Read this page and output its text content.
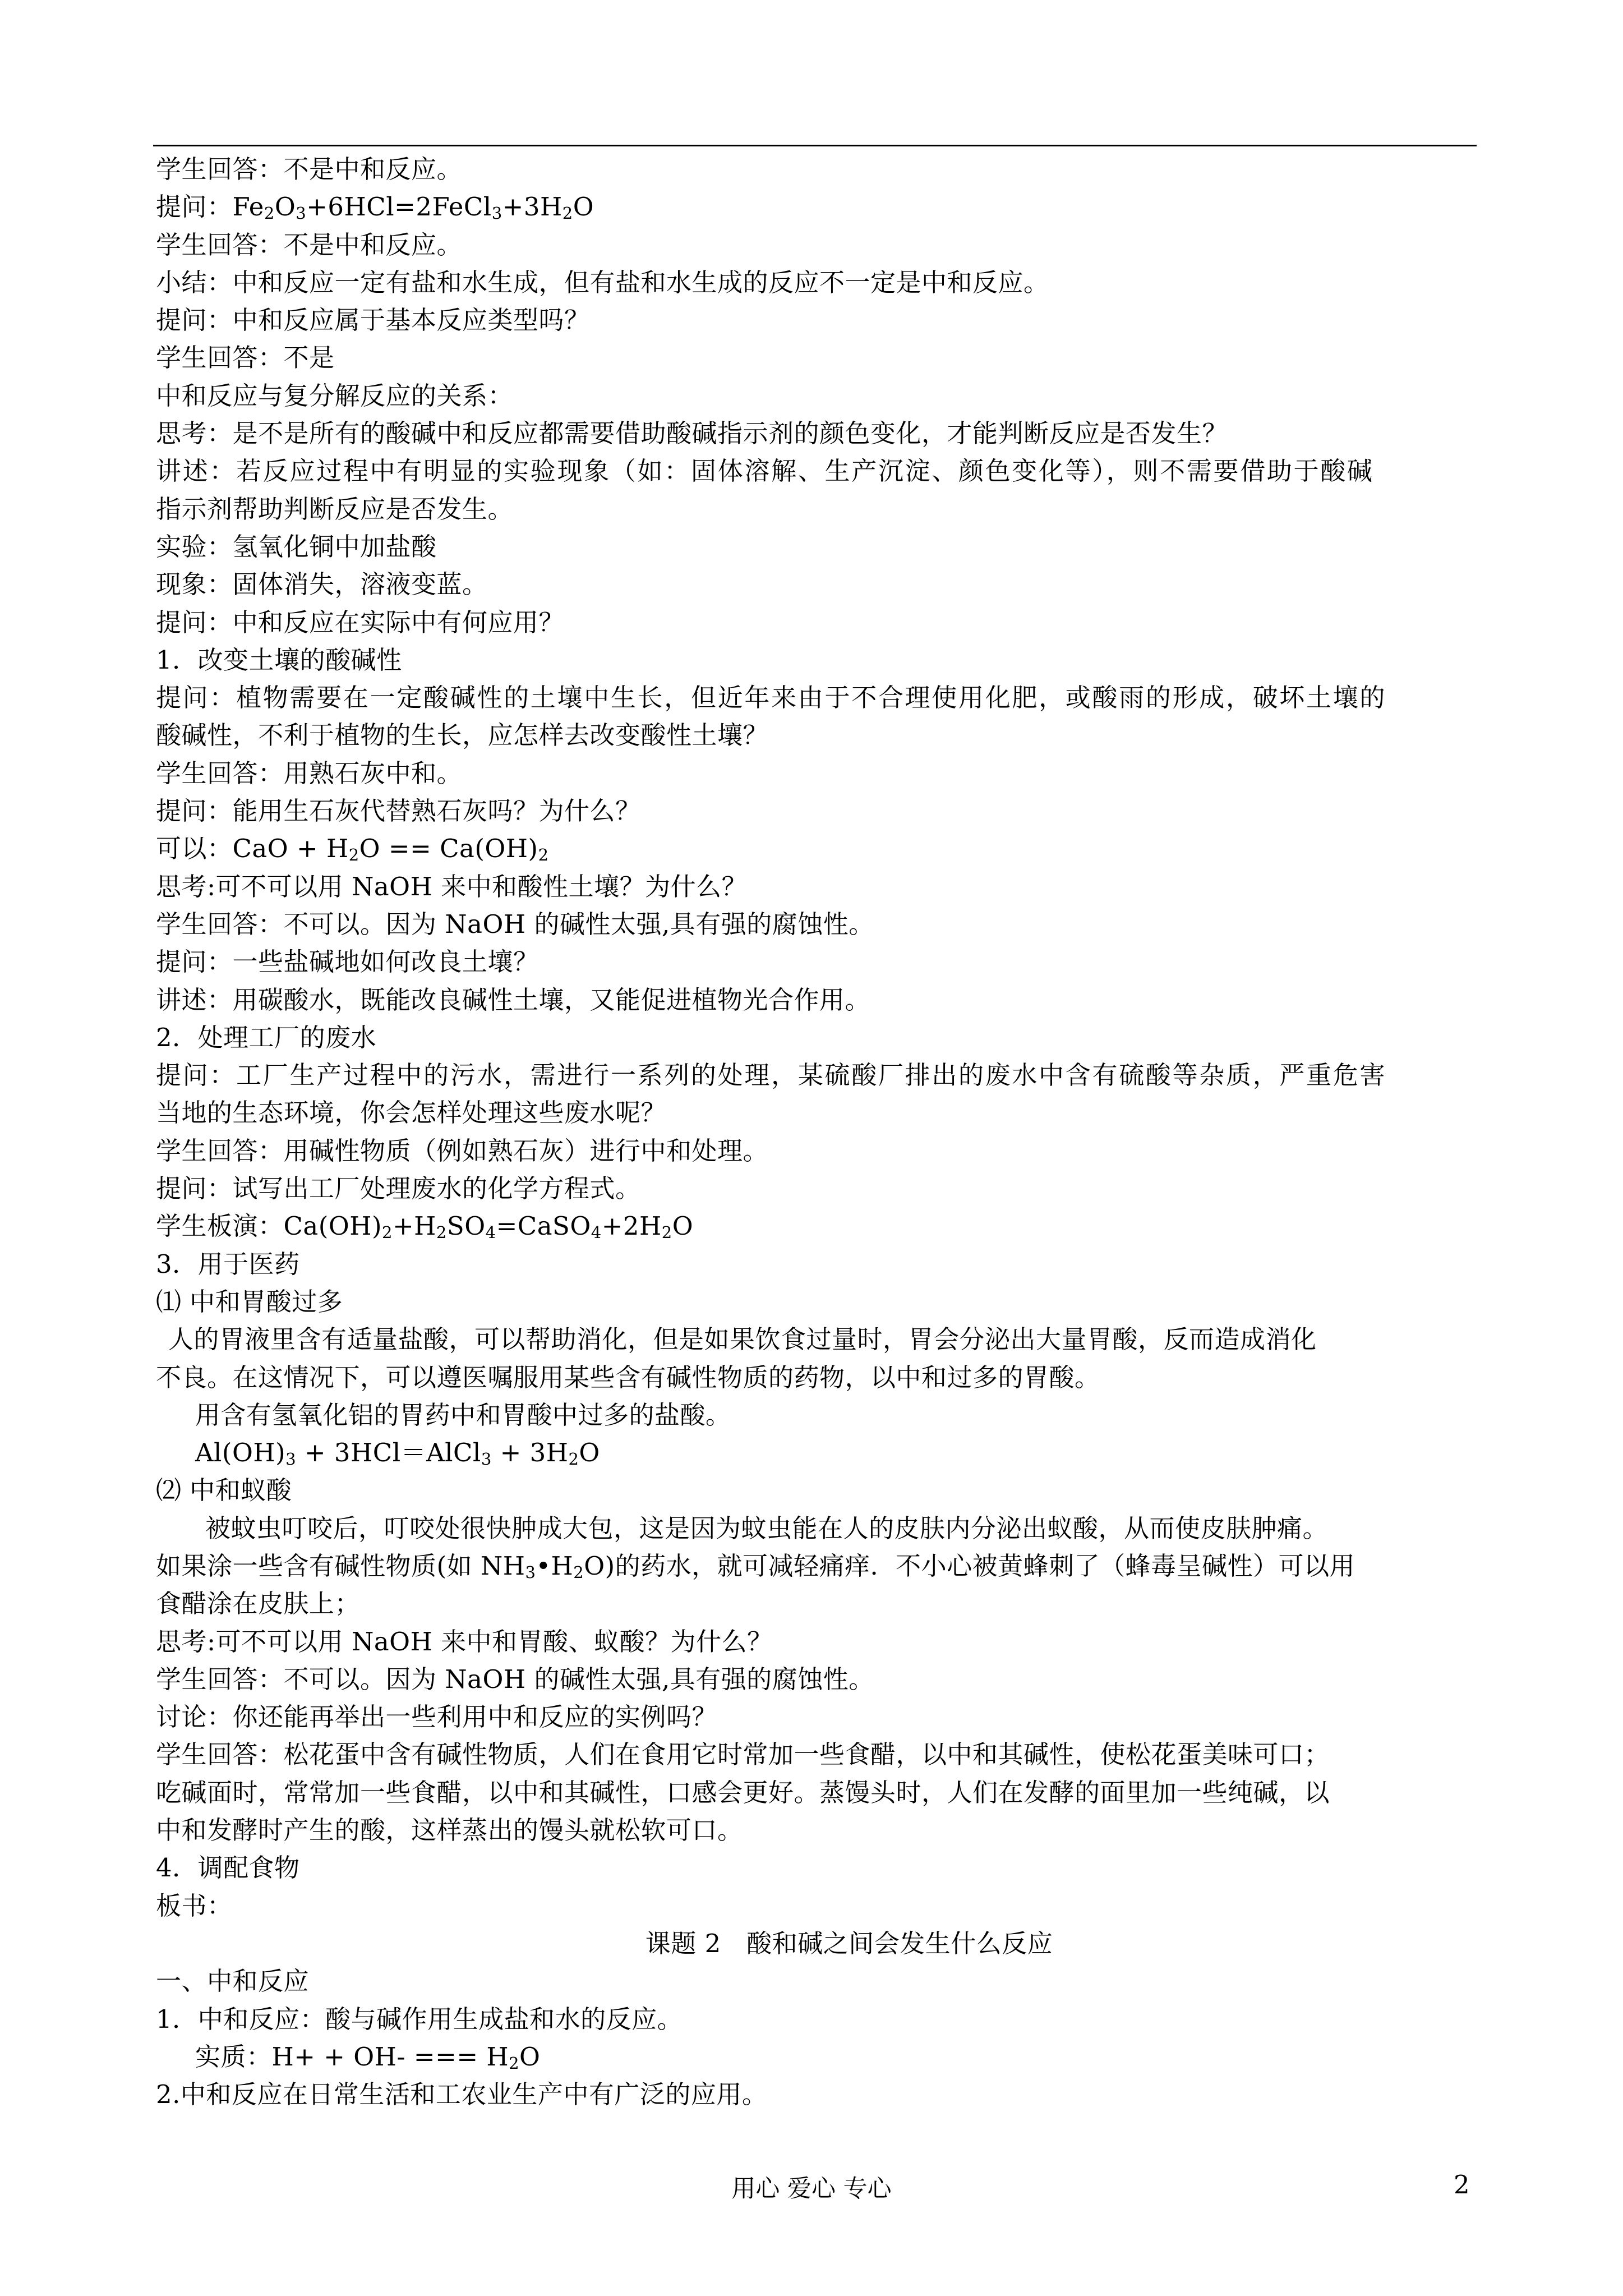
学生回答：不是中和反应。
提问：$Fe_2O_3+6HCl=2FeCl_3+3H_2O$
学生回答：不是中和反应。
小结：中和反应一定有盐和水生成，但有盐和水生成的反应不一定是中和反应。
提问：中和反应属于基本反应类型吗？
学生回答：不是
中和反应与复分解反应的关系：
思考：是不是所有的酸碱中和反应都需要借助酸碱指示剂的颜色变化，才能判断反应是否发生？
讲述：若反应过程中有明显的实验现象（如：固体溶解、生产沉淀、颜色变化等），则不需要借助于酸碱
指示剂帮助判断反应是否发生。
实验：氢氧化铜中加盐酸
现象：固体消失，溶液变蓝。
提问：中和反应在实际中有何应用？
1．改变土壤的酸碱性
提问：植物需要在一定酸碱性的土壤中生长，但近年来由于不合理使用化肥，或酸雨的形成，破坏土壤的
酸碱性，不利于植物的生长，应怎样去改变酸性土壤？
学生回答：用熟石灰中和。
提问：能用生石灰代替熟石灰吗？为什么？
可以：CaO + $H_2O == Ca(OH)_2$
思考:可不可以用 NaOH 来中和酸性土壤？为什么？
学生回答：不可以。因为 NaOH 的碱性太强,具有强的腐蚀性。
提问：一些盐碱地如何改良土壤？
讲述：用碳酸水，既能改良碱性土壤，又能促进植物光合作用。
2．处理工厂的废水
提问：工厂生产过程中的污水，需进行一系列的处理，某硫酸厂排出的废水中含有硫酸等杂质，严重危害
当地的生态环境，你会怎样处理这些废水呢？
学生回答：用碱性物质（例如熟石灰）进行中和处理。
提问：试写出工厂处理废水的化学方程式。
学生板演：$Ca(OH)_2+H_2SO_4=CaSO_4+2H_2O$
3．用于医药
⑴ 中和胃酸过多
人的胃液里含有适量盐酸，可以帮助消化，但是如果饮食过量时，胃会分泌出大量胃酸，反而造成消化
不良。在这情况下，可以遵医嘱服用某些含有碱性物质的药物，以中和过多的胃酸。
用含有氢氧化铝的胃药中和胃酸中过多的盐酸。
$Al(OH)_3$ + 3HCl＝AlCl$_3$ + $3H_2O$
⑵ 中和蚁酸
被蚊虫叮咬后，叮咬处很快肿成大包，这是因为蚊虫能在人的皮肤内分泌出蚁酸，从而使皮肤肿痛。
如果涂一些含有碱性物质(如 $NH_3•H_2O$)的药水，就可减轻痛痒．不小心被黄蜂刺了（蜂毒呈碱性）可以用
食醋涂在皮肤上；
思考:可不可以用 NaOH 来中和胃酸、蚁酸？为什么？
学生回答：不可以。因为 NaOH 的碱性太强,具有强的腐蚀性。
讨论：你还能再举出一些利用中和反应的实例吗？
学生回答：松花蛋中含有碱性物质，人们在食用它时常加一些食醋，以中和其碱性，使松花蛋美味可口；
吃碱面时，常常加一些食醋，以中和其碱性，口感会更好。蒸馒头时，人们在发酵的面里加一些纯碱，以
中和发酵时产生的酸，这样蒸出的馒头就松软可口。
4．调配食物
板书：
课题 2　酸和碱之间会发生什么反应
一、中和反应
1．中和反应：酸与碱作用生成盐和水的反应。
实质：H+ + OH- === $H_2O$
2.中和反应在日常生活和工农业生产中有广泛的应用。
用心 爱心 专心	2
